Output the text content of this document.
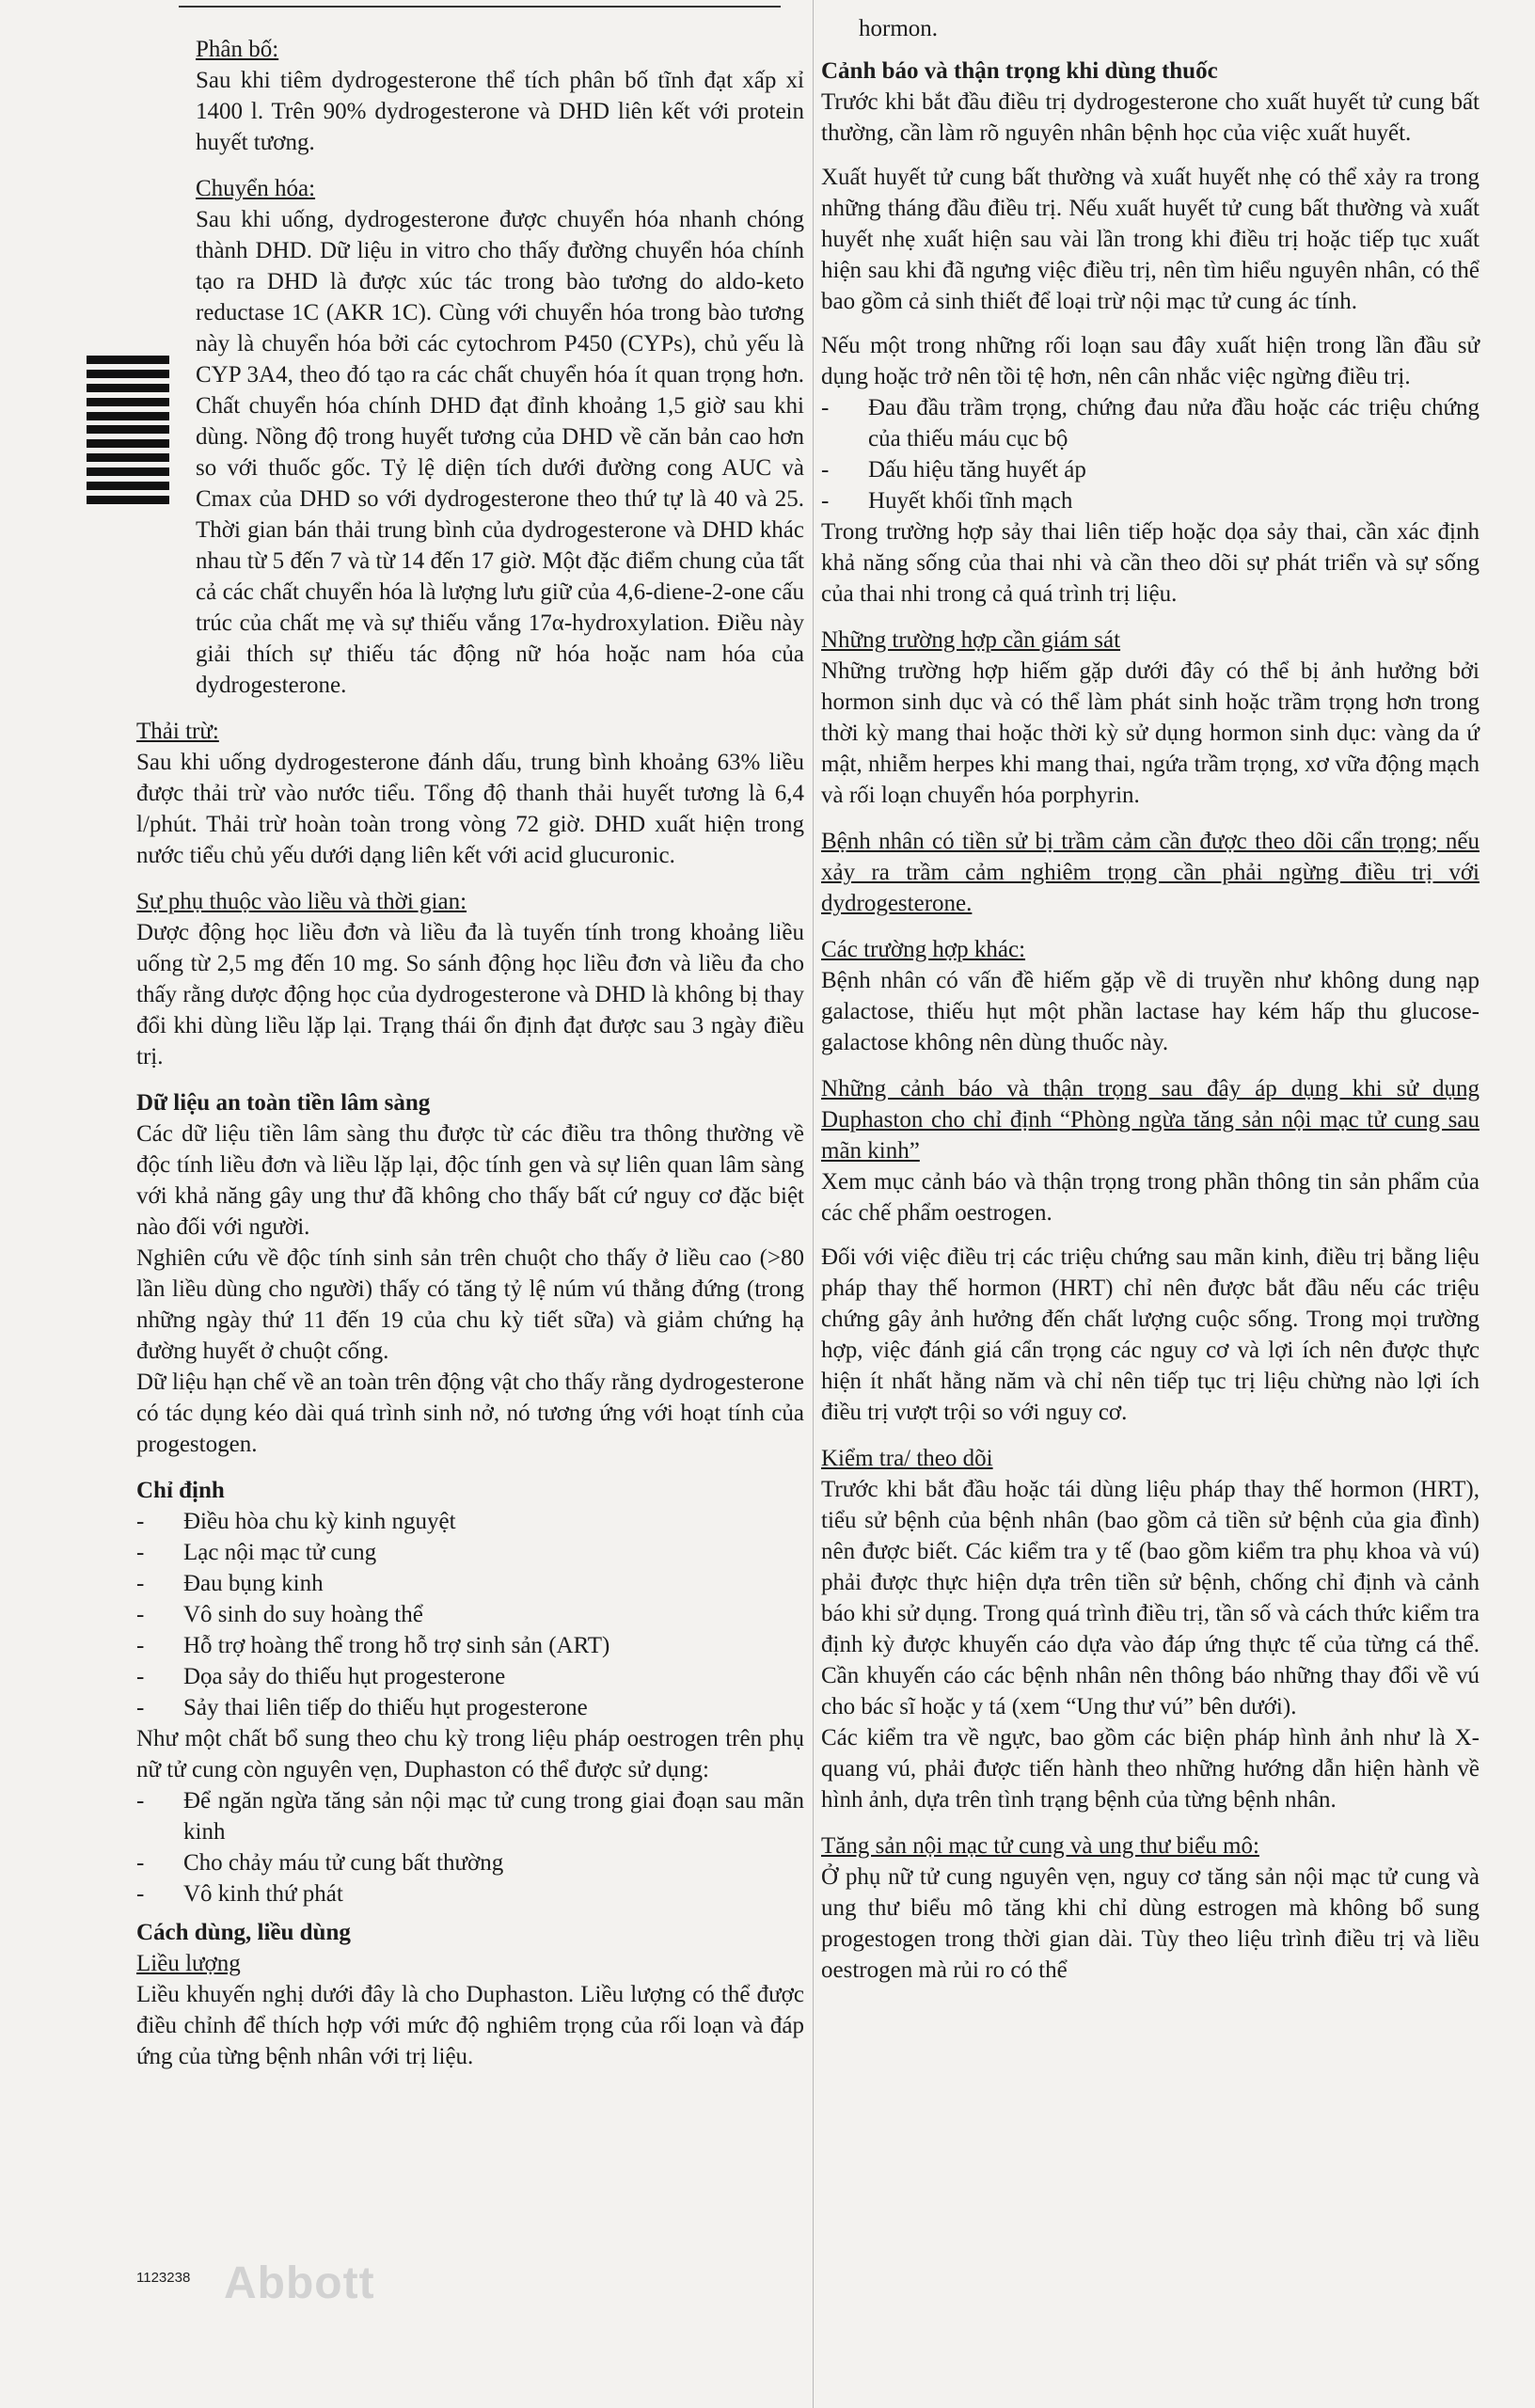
Phân bố:

Sau khi tiêm dydrogesterone thể tích phân bố tĩnh đạt xấp xỉ 1400 l. Trên 90% dydrogesterone và DHD liên kết với protein huyết tương.

Chuyển hóa:

Sau khi uống, dydrogesterone được chuyển hóa nhanh chóng thành DHD. Dữ liệu in vitro cho thấy đường chuyển hóa chính tạo ra DHD là được xúc tác trong bào tương do aldo-keto reductase 1C (AKR 1C). Cùng với chuyển hóa trong bào tương này là chuyển hóa bởi các cytochrom P450 (CYPs), chủ yếu là CYP 3A4, theo đó tạo ra các chất chuyển hóa ít quan trọng hơn. Chất chuyển hóa chính DHD đạt đỉnh khoảng 1,5 giờ sau khi dùng. Nồng độ trong huyết tương của DHD về căn bản cao hơn so với thuốc gốc. Tỷ lệ diện tích dưới đường cong AUC và Cmax của DHD so với dydrogesterone theo thứ tự là 40 và 25. Thời gian bán thải trung bình của dydrogesterone và DHD khác nhau từ 5 đến 7 và từ 14 đến 17 giờ. Một đặc điểm chung của tất cả các chất chuyển hóa là lượng lưu giữ của 4,6-diene-2-one cấu trúc của chất mẹ và sự thiếu vắng 17α-hydroxylation. Điều này giải thích sự thiếu tác động nữ hóa hoặc nam hóa của dydrogesterone.

Thải trừ:

Sau khi uống dydrogesterone đánh dấu, trung bình khoảng 63% liều được thải trừ vào nước tiểu. Tổng độ thanh thải huyết tương là 6,4 l/phút. Thải trừ hoàn toàn trong vòng 72 giờ. DHD xuất hiện trong nước tiểu chủ yếu dưới dạng liên kết với acid glucuronic.

Sự phụ thuộc vào liều và thời gian:

Dược động học liều đơn và liều đa là tuyến tính trong khoảng liều uống từ 2,5 mg đến 10 mg. So sánh động học liều đơn và liều đa cho thấy rằng dược động học của dydrogesterone và DHD là không bị thay đổi khi dùng liều lặp lại. Trạng thái ổn định đạt được sau 3 ngày điều trị.

Dữ liệu an toàn tiền lâm sàng

Các dữ liệu tiền lâm sàng thu được từ các điều tra thông thường về độc tính liều đơn và liều lặp lại, độc tính gen và sự liên quan lâm sàng với khả năng gây ung thư đã không cho thấy bất cứ nguy cơ đặc biệt nào đối với người.

Nghiên cứu về độc tính sinh sản trên chuột cho thấy ở liều cao (>80 lần liều dùng cho người) thấy có tăng tỷ lệ núm vú thẳng đứng (trong những ngày thứ 11 đến 19 của chu kỳ tiết sữa) và giảm chứng hạ đường huyết ở chuột cống.

Dữ liệu hạn chế về an toàn trên động vật cho thấy rằng dydrogesterone có tác dụng kéo dài quá trình sinh nở, nó tương ứng với hoạt tính của progestogen.

Chỉ định
- Điều hòa chu kỳ kinh nguyệt
- Lạc nội mạc tử cung
- Đau bụng kinh
- Vô sinh do suy hoàng thể
- Hỗ trợ hoàng thể trong hỗ trợ sinh sản (ART)
- Dọa sảy do thiếu hụt progesterone
- Sảy thai liên tiếp do thiếu hụt progesterone

Như một chất bổ sung theo chu kỳ trong liệu pháp oestrogen trên phụ nữ tử cung còn nguyên vẹn, Duphaston có thể được sử dụng:

- Để ngăn ngừa tăng sản nội mạc tử cung trong giai đoạn sau mãn kinh
- Cho chảy máu tử cung bất thường
- Vô kinh thứ phát
Cách dùng, liều dùng
Liều lượng

Liều khuyến nghị dưới đây là cho Duphaston. Liều lượng có thể được điều chỉnh để thích hợp với mức độ nghiêm trọng của rối loạn và đáp ứng của từng bệnh nhân với trị liệu.

1123238 Abbott

hormon.

Cảnh báo và thận trọng khi dùng thuốc

Trước khi bắt đầu điều trị dydrogesterone cho xuất huyết tử cung bất thường, cần làm rõ nguyên nhân bệnh học của việc xuất huyết.

Xuất huyết tử cung bất thường và xuất huyết nhẹ có thể xảy ra trong những tháng đầu điều trị. Nếu xuất huyết tử cung bất thường và xuất huyết nhẹ xuất hiện sau vài lần trong khi điều trị hoặc tiếp tục xuất hiện sau khi đã ngưng việc điều trị, nên tìm hiểu nguyên nhân, có thể bao gồm cả sinh thiết để loại trừ nội mạc tử cung ác tính.

Nếu một trong những rối loạn sau đây xuất hiện trong lần đầu sử dụng hoặc trở nên tồi tệ hơn, nên cân nhắc việc ngừng điều trị.

- Đau đầu trầm trọng, chứng đau nửa đầu hoặc các triệu chứng của thiếu máu cục bộ
- Dấu hiệu tăng huyết áp
- Huyết khối tĩnh mạch

Trong trường hợp sảy thai liên tiếp hoặc dọa sảy thai, cần xác định khả năng sống của thai nhi và cần theo dõi sự phát triển và sự sống của thai nhi trong cả quá trình trị liệu.

Những trường hợp cần giám sát

Những trường hợp hiếm gặp dưới đây có thể bị ảnh hưởng bởi hormon sinh dục và có thể làm phát sinh hoặc trầm trọng hơn trong thời kỳ mang thai hoặc thời kỳ sử dụng hormon sinh dục: vàng da ứ mật, nhiễm herpes khi mang thai, ngứa trầm trọng, xơ vữa động mạch và rối loạn chuyển hóa porphyrin.

Bệnh nhân có tiền sử bị trầm cảm cần được theo dõi cẩn trọng; nếu xảy ra trầm cảm nghiêm trọng cần phải ngừng điều trị với dydrogesterone.

Các trường hợp khác:

Bệnh nhân có vấn đề hiếm gặp về di truyền như không dung nạp galactose, thiếu hụt một phần lactase hay kém hấp thu glucose-galactose không nên dùng thuốc này.

Những cảnh báo và thận trọng sau đây áp dụng khi sử dụng Duphaston cho chỉ định “Phòng ngừa tăng sản nội mạc tử cung sau mãn kinh”

Xem mục cảnh báo và thận trọng trong phần thông tin sản phẩm của các chế phẩm oestrogen.

Đối với việc điều trị các triệu chứng sau mãn kinh, điều trị bằng liệu pháp thay thế hormon (HRT) chỉ nên được bắt đầu nếu các triệu chứng gây ảnh hưởng đến chất lượng cuộc sống. Trong mọi trường hợp, việc đánh giá cẩn trọng các nguy cơ và lợi ích nên được thực hiện ít nhất hằng năm và chỉ nên tiếp tục trị liệu chừng nào lợi ích điều trị vượt trội so với nguy cơ.

Kiểm tra/ theo dõi

Trước khi bắt đầu hoặc tái dùng liệu pháp thay thế hormon (HRT), tiểu sử bệnh của bệnh nhân (bao gồm cả tiền sử bệnh của gia đình) nên được biết. Các kiểm tra y tế (bao gồm kiểm tra phụ khoa và vú) phải được thực hiện dựa trên tiền sử bệnh, chống chỉ định và cảnh báo khi sử dụng. Trong quá trình điều trị, tần số và cách thức kiểm tra định kỳ được khuyến cáo dựa vào đáp ứng thực tế của từng cá thể. Cần khuyến cáo các bệnh nhân nên thông báo những thay đổi về vú cho bác sĩ hoặc y tá (xem “Ung thư vú” bên dưới).

Các kiểm tra về ngực, bao gồm các biện pháp hình ảnh như là X-quang vú, phải được tiến hành theo những hướng dẫn hiện hành về hình ảnh, dựa trên tình trạng bệnh của từng bệnh nhân.

Tăng sản nội mạc tử cung và ung thư biểu mô:

Ở phụ nữ tử cung nguyên vẹn, nguy cơ tăng sản nội mạc tử cung và ung thư biểu mô tăng khi chỉ dùng estrogen mà không bổ sung progestogen trong thời gian dài. Tùy theo liệu trình điều trị và liều oestrogen mà rủi ro có thể
